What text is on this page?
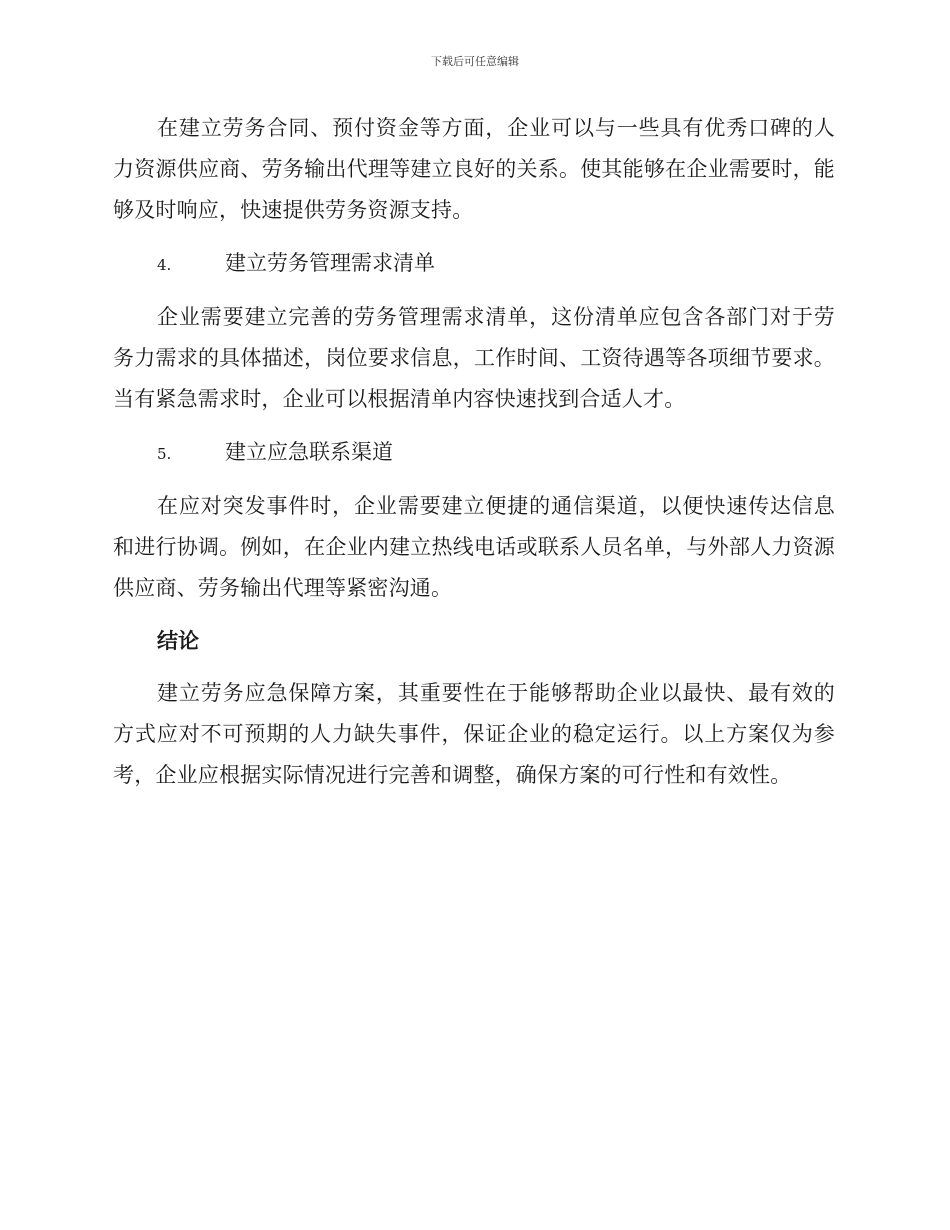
下载后可任意编辑

在建立劳务合同、预付资金等方面，企业可以与一些具有优秀口碑的人力资源供应商、劳务输出代理等建立良好的关系。使其能够在企业需要时，能够及时响应，快速提供劳务资源支持。

4.	建立劳务管理需求清单

企业需要建立完善的劳务管理需求清单，这份清单应包含各部门对于劳务力需求的具体描述，岗位要求信息，工作时间、工资待遇等各项细节要求。当有紧急需求时，企业可以根据清单内容快速找到合适人才。

5.	建立应急联系渠道

在应对突发事件时，企业需要建立便捷的通信渠道，以便快速传达信息和进行协调。例如，在企业内建立热线电话或联系人员名单，与外部人力资源供应商、劳务输出代理等紧密沟通。

结论

建立劳务应急保障方案，其重要性在于能够帮助企业以最快、最有效的方式应对不可预期的人力缺失事件，保证企业的稳定运行。以上方案仅为参考，企业应根据实际情况进行完善和调整，确保方案的可行性和有效性。
